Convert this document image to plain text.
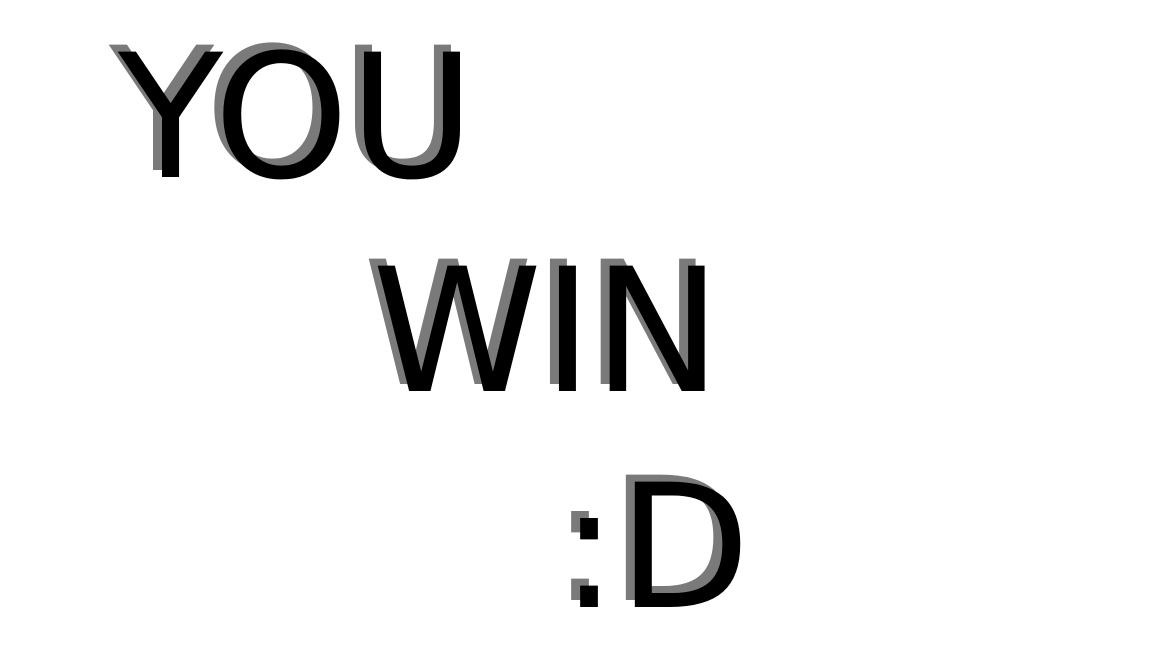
YOU
WIN
:D
